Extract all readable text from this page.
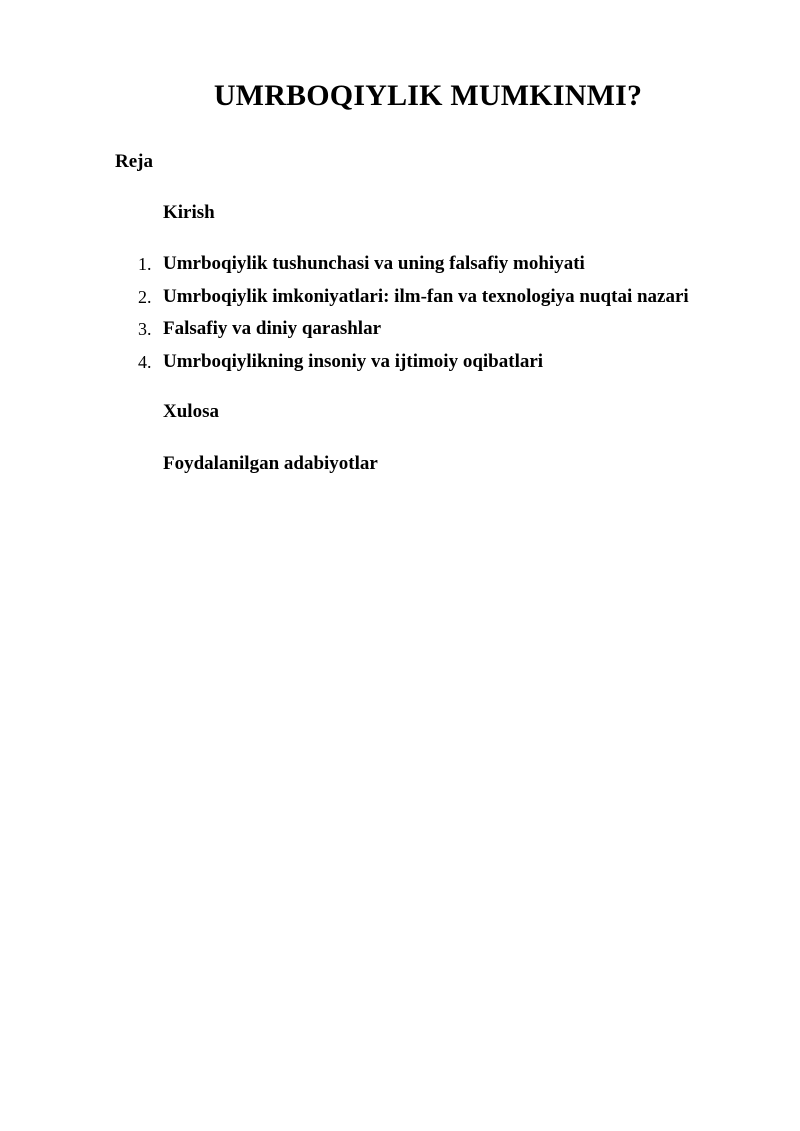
UMRBOQIYLIK MUMKINMI?
Reja
Kirish
1. Umrboqiylik tushunchasi va uning falsafiy mohiyati
2. Umrboqiylik imkoniyatlari: ilm-fan va texnologiya nuqtai nazari
3. Falsafiy va diniy qarashlar
4. Umrboqiylikning insoniy va ijtimoiy oqibatlari
Xulosa
Foydalanilgan adabiyotlar
